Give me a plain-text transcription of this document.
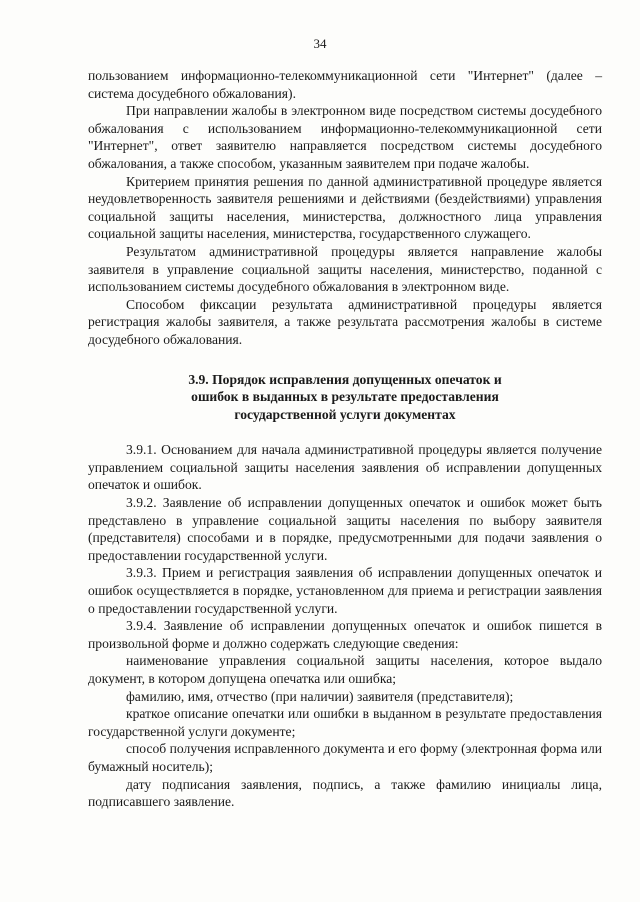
34

пользованием информационно-телекоммуникационной сети "Интернет" (далее – система досудебного обжалования).

При направлении жалобы в электронном виде посредством системы досудебного обжалования с использованием информационно-телекоммуникационной сети "Интернет", ответ заявителю направляется посредством системы досудебного обжалования, а также способом, указанным заявителем при подаче жалобы.

Критерием принятия решения по данной административной процедуре является неудовлетворенность заявителя решениями и действиями (бездействиями) управления социальной защиты населения, министерства, должностного лица управления социальной защиты населения, министерства, государственного служащего.

Результатом административной процедуры является направление жалобы заявителя в управление социальной защиты населения, министерство, поданной с использованием системы досудебного обжалования в электронном виде.

Способом фиксации результата административной процедуры является регистрация жалобы заявителя, а также результата рассмотрения жалобы в системе досудебного обжалования.

3.9. Порядок исправления допущенных опечаток и
ошибок в выданных в результате предоставления
государственной услуги документах

3.9.1. Основанием для начала административной процедуры является получение управлением социальной защиты населения заявления об исправлении допущенных опечаток и ошибок.

3.9.2. Заявление об исправлении допущенных опечаток и ошибок может быть представлено в управление социальной защиты населения по выбору заявителя (представителя) способами и в порядке, предусмотренными для подачи заявления о предоставлении государственной услуги.

3.9.3. Прием и регистрация заявления об исправлении допущенных опечаток и ошибок осуществляется в порядке, установленном для приема и регистрации заявления о предоставлении государственной услуги.

3.9.4. Заявление об исправлении допущенных опечаток и ошибок пишется в произвольной форме и должно содержать следующие сведения:

наименование управления социальной защиты населения, которое выдало документ, в котором допущена опечатка или ошибка;

фамилию, имя, отчество (при наличии) заявителя (представителя);

краткое описание опечатки или ошибки в выданном в результате предоставления государственной услуги документе;

способ получения исправленного документа и его форму (электронная форма или бумажный носитель);

дату подписания заявления, подпись, а также фамилию инициалы лица, подписавшего заявление.
